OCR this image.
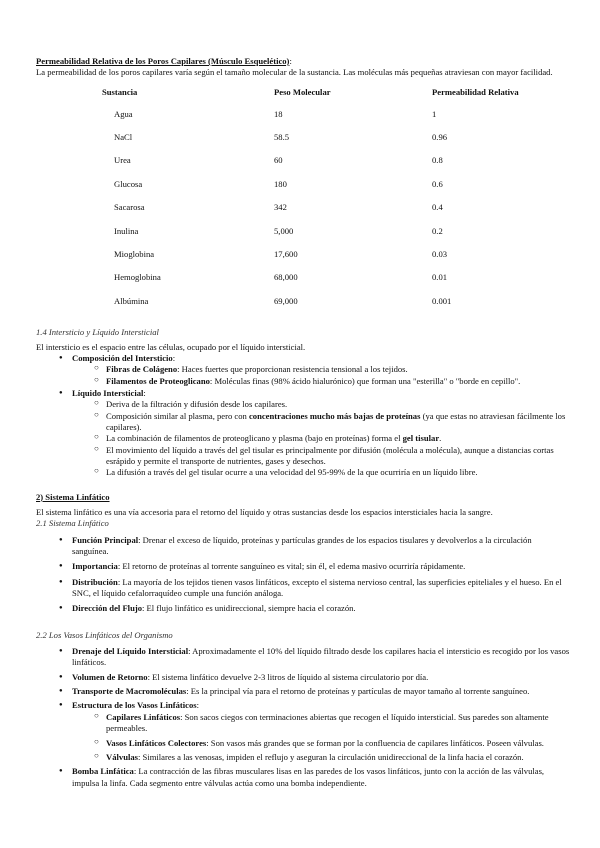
Permeabilidad Relativa de los Poros Capilares (Músculo Esquelético):

La permeabilidad de los poros capilares varía según el tamaño molecular de la sustancia. Las moléculas más pequeñas atraviesan con mayor facilidad.

Sustancia	Peso Molecular	Permeabilidad Relativa
Agua	18	1
NaCl	58.5	0.96
Urea	60	0.8
Glucosa	180	0.6
Sacarosa	342	0.4
Inulina	5,000	0.2
Mioglobina	17,600	0.03
Hemoglobina	68,000	0.01
Albúmina	69,000	0.001

1.4 Intersticio y Líquido Intersticial

El intersticio es el espacio entre las células, ocupado por el líquido intersticial.

● Composición del Intersticio:
○ Fibras de Colágeno: Haces fuertes que proporcionan resistencia tensional a los tejidos.
○ Filamentos de Proteoglicano: Moléculas finas (98% ácido hialurónico) que forman una "esterilla" o "borde en cepillo".
● Líquido Intersticial:
○ Deriva de la filtración y difusión desde los capilares.
○ Composición similar al plasma, pero con concentraciones mucho más bajas de proteínas (ya que estas no atraviesan fácilmente los capilares).
○ La combinación de filamentos de proteoglicano y plasma (bajo en proteínas) forma el gel tisular.
○ El movimiento del líquido a través del gel tisular es principalmente por difusión (molécula a molécula), aunque a distancias cortas esrápido y permite el transporte de nutrientes, gases y desechos.
○ La difusión a través del gel tisular ocurre a una velocidad del 95-99% de la que ocurriría en un líquido libre.

2) Sistema Linfático

El sistema linfático es una vía accesoria para el retorno del líquido y otras sustancias desde los espacios intersticiales hacia la sangre.

2.1 Sistema Linfático

● Función Principal: Drenar el exceso de líquido, proteínas y partículas grandes de los espacios tisulares y devolverlos a la circulación sanguínea.
● Importancia: El retorno de proteínas al torrente sanguíneo es vital; sin él, el edema masivo ocurriría rápidamente.
● Distribución: La mayoría de los tejidos tienen vasos linfáticos, excepto el sistema nervioso central, las superficies epiteliales y el hueso. En el SNC, el líquido cefalorraquídeo cumple una función análoga.
● Dirección del Flujo: El flujo linfático es unidireccional, siempre hacia el corazón.

2.2 Los Vasos Linfáticos del Organismo

● Drenaje del Líquido Intersticial: Aproximadamente el 10% del líquido filtrado desde los capilares hacia el intersticio es recogido por los vasos linfáticos.
● Volumen de Retorno: El sistema linfático devuelve 2-3 litros de líquido al sistema circulatorio por día.
● Transporte de Macromoléculas: Es la principal vía para el retorno de proteínas y partículas de mayor tamaño al torrente sanguíneo.
● Estructura de los Vasos Linfáticos:
○ Capilares Linfáticos: Son sacos ciegos con terminaciones abiertas que recogen el líquido intersticial. Sus paredes son altamente permeables.
○ Vasos Linfáticos Colectores: Son vasos más grandes que se forman por la confluencia de capilares linfáticos. Poseen válvulas.
○ Válvulas: Similares a las venosas, impiden el reflujo y aseguran la circulación unidireccional de la linfa hacia el corazón.
● Bomba Linfática: La contracción de las fibras musculares lisas en las paredes de los vasos linfáticos, junto con la acción de las válvulas, impulsa la linfa. Cada segmento entre válvulas actúa como una bomba independiente.
